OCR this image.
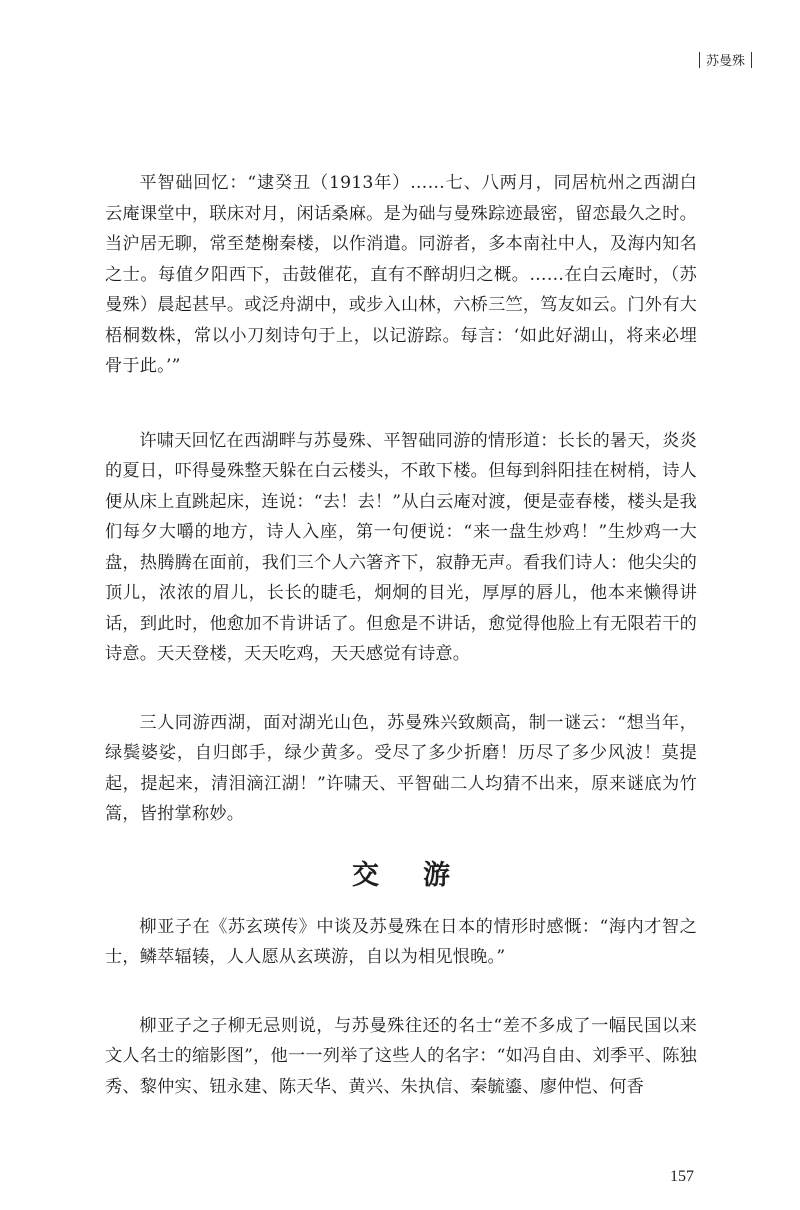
苏曼殊

平智础回忆：“逮癸丑（1913年）……七、八两月，同居杭州之西湖白云庵课堂中，联床对月，闲话桑麻。是为础与曼殊踪迹最密，留恋最久之时。当沪居无聊，常至楚榭秦楼，以作消遣。同游者，多本南社中人，及海内知名之士。每值夕阳西下，击鼓催花，直有不醉胡归之概。……在白云庵时，（苏曼殊）晨起甚早。或泛舟湖中，或步入山林，六桥三竺，笃友如云。门外有大梧桐数株，常以小刀刻诗句于上，以记游踪。每言：‘如此好湖山，将来必埋骨于此。’”

许啸天回忆在西湖畔与苏曼殊、平智础同游的情形道：长长的暑天，炎炎的夏日，吓得曼殊整天躲在白云楼头，不敢下楼。但每到斜阳挂在树梢，诗人便从床上直跳起床，连说：“去！去！”从白云庵对渡，便是壶春楼，楼头是我们每夕大嚼的地方，诗人入座，第一句便说：“来一盘生炒鸡！”生炒鸡一大盘，热腾腾在面前，我们三个人六箸齐下，寂静无声。看我们诗人：他尖尖的顶儿，浓浓的眉儿，长长的睫毛，炯炯的目光，厚厚的唇儿，他本来懒得讲话，到此时，他愈加不肯讲话了。但愈是不讲话，愈觉得他脸上有无限若干的诗意。天天登楼，天天吃鸡，天天感觉有诗意。

三人同游西湖，面对湖光山色，苏曼殊兴致颇高，制一谜云：“想当年，绿鬓婆娑，自归郎手，绿少黄多。受尽了多少折磨！历尽了多少风波！莫提起，提起来，清泪滴江湖！”许啸天、平智础二人均猜不出来，原来谜底为竹篙，皆拊掌称妙。

交游

柳亚子在《苏玄瑛传》中谈及苏曼殊在日本的情形时感慨：“海内才智之士，鳞萃辐辏，人人愿从玄瑛游，自以为相见恨晚。”

柳亚子之子柳无忌则说，与苏曼殊往还的名士“差不多成了一幅民国以来文人名士的缩影图”，他一一列举了这些人的名字：“如冯自由、刘季平、陈独秀、黎仲实、钮永建、陈天华、黄兴、朱执信、秦毓鎏、廖仲恺、何香

157
